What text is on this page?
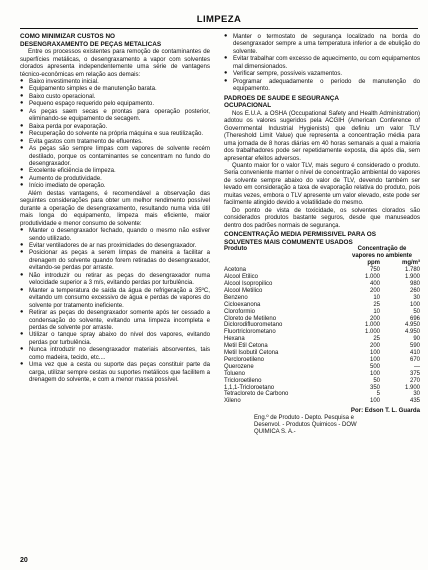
LIMPEZA
COMO MINIMIZAR CUSTOS NO
DESENGRAXAMENTO DE PEÇAS METALICAS
Entre os processos existentes para remoção de contaminantes de superfícies metálicas, o desengraxamento a vapor com solventes clorados apresenta independentemente uma série de vantagens técnico-econômicas em relação aos demais:
● Baixo investimento inicial.
● Equipamento simples e de manutenção barata.
● Baixo custo operacional.
● Pequeno espaço requerido pelo equipamento.
● As peças saem secas e prontas para operação posterior, eliminando-se equipamento de secagem.
● Baixa perda por evaporação.
● Recuperação do solvente na própria máquina e sua reutilização.
● Evita gastos com tratamento de efluentes.
● As peças são sempre limpas com vapores de solvente recém destilado, porque os contaminantes se concentram no fundo do desengraxador.
● Excelente eficiência de limpeza.
● Aumento de produtividade.
● Início imediato de operação.
Além destas vantagens, é recomendável a observação das seguintes considerações para obter um melhor rendimento possível durante a operação de desengraxamento, resultando numa vida útil mais longa do equipamento, limpeza mais eficiente, maior produtividade e menor consumo de solvente:
● Manter o desengraxador fechado, quando o mesmo não estiver sendo utilizado.
● Evitar ventiladores de ar nas proximidades do desengraxador.
● Posicionar as peças a serem limpas de maneira a facilitar a drenagem do solvente quando forem retiradas do desengraxador, evitando-se perdas por arraste.
● Não introduzir ou retirar as peças do desengraxador numa velocidade superior a 3 m/s, evitando perdas por turbulência.
● Manter a temperatura de saída da água de refrigeração a 35ºC, evitando um consumo excessivo de água e perdas de vapores do solvente por tratamento ineficiente.
● Retirar as peças do desengraxador somente após ter cessado a condensação do solvente, evitando uma limpeza incompleta e perdas de solvente por arraste.
● Utilizar o tanque spray abaixo do nível dos vapores, evitando perdas por turbulência.
● Nunca introduzir no desengraxador materiais absorventes, tais como madeira, tecido, etc....
● Uma vez que a cesta ou suporte das peças constituir parte da carga, utilizar sempre cestas ou suportes metálicos que facilitem a drenagem do solvente, e com a menor massa possível.
● Manter o termostato de segurança localizado na borda do desengraxador sempre a uma temperatura inferior a de ebulição do solvente.
● Evitar trabalhar com excesso de aquecimento, ou com equipamentos mal dimensionados.
● Verificar sempre, possíveis vazamentos.
● Programar adequadamente o período de manutenção do equipamento.
PADROES DE SAUDE E SEGURANÇA
OCUPACIONAL
Nos E.U.A. a OSHA (Occupational Safety and Health Administration) adotou os valores sugeridos pela ACGIH (American Conference of Governmental Industrial Hygienists) que definiu um valor TLV (Thereshold Limit Value) que representa a concentração média para uma jornada de 8 horas diárias em 40 horas semanais a qual a maioria dos trabalhadores pode ser repetidamente exposta, dia após dia, sem apresentar efeitos adversos.
Quanto maior for o valor TLV, mais seguro é considerado o produto. Seria conveniente manter o nível de concentração ambiental do vapores de solvente sempre abaixo do valor de TLV, devendo também ser levado em consideração a taxa de evaporação relativa do produto, pois muitas vezes, embora o TLV apresente um valor elevado, este pode ser facilmente atingido devido a volatilidade do mesmo.
Do ponto de vista de toxicidade, os solventes clorados são considerados produtos bastante seguros, desde que manuseados dentro dos padrões normais de segurança.
CONCENTRAÇÃO MEDIA PERMISSIVEL PARA OS
SOLVENTES MAIS COMUMENTE USADOS
Produto	Concentração de	

	vapores no ambiente	
	ppm	mg/m³
Acetona	750	1.780
Alcool Etilico	1.000	1.900
Alcool Isopropilico	400	980
Alcool Metilico	200	260
Benzeno	10	30
Cicloexanona	25	100
Cloroformio	10	50
Cloreto de Metileno	200	696
Diclorodifluorometano	1.000	4.950
Fluortriclorometano	1.000	4.950
Hexana	25	90
Metil Etil Cetona	200	590
Metil Isobutil Cetona	100	410
Percloroetileno	100	670
Querozene	500	—
Tolueno	100	375
Tricloroetileno	50	270
1,1,1-Tricloroetano	350	1.900
Tetracloreto de Carbono	5	30
Xileno	100	435
Por: Edson T. L. Guarda
Eng.º de Produto - Depto. Pesquisa e
Desenvol. - Produtos Quimicos - DOW
QUIMICA S. A.-
20
